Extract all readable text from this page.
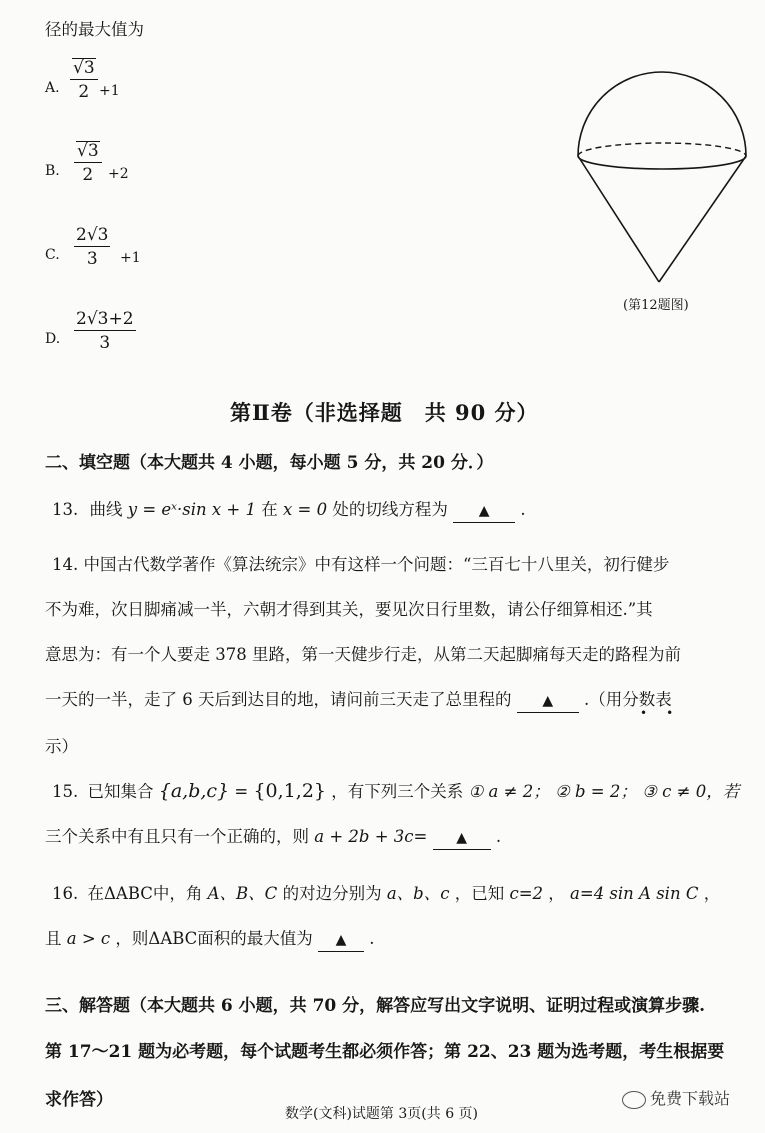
径的最大值为
A.
√3
2 +1
B.
√3
2	+2
C.
2√3
3	+1
D.
2√3+2
3
(第12题图)
第Ⅱ卷（非选择题　共 90 分）
二、填空题（本大题共 4 小题，每小题 5 分，共 20 分．）
13. 曲线 y = eˣ·sin x + 1 在 x = 0 处的切线方程为 ▲ .
14. 中国古代数学著作《算法统宗》中有这样一个问题：“三百七十八里关，初行健步
不为难，次日脚痛减一半，六朝才得到其关，要见次日行里数，请公仔细算相还.”其
意思为：有一个人要走 378 里路，第一天健步行走，从第二天起脚痛每天走的路程为前
一天的一半，走了 6 天后到达目的地，请问前三天走了总里程的 ▲ .（用分数表
•     •
示）
15. 已知集合 {a,b,c} = {0,1,2} ，有下列三个关系 ① a ≠ 2； ② b = 2； ③ c ≠ 0，若
三个关系中有且只有一个正确的，则 a + 2b + 3c= ▲ .
16. 在ΔABC中，角 A、B、C 的对边分别为 a、b、c ，已知 c=2 ， a=4 sin A sin C ，
且 a > c ，则ΔABC面积的最大值为 ▲ .
三、解答题（本大题共 6 小题，共 70 分，解答应写出文字说明、证明过程或演算步骤.
第 17～21 题为必考题，每个试题考生都必须作答；第 22、23 题为选考题，考生根据要
求作答）
数学(文科)试题第 3页(共 6 页)
免费下载站
